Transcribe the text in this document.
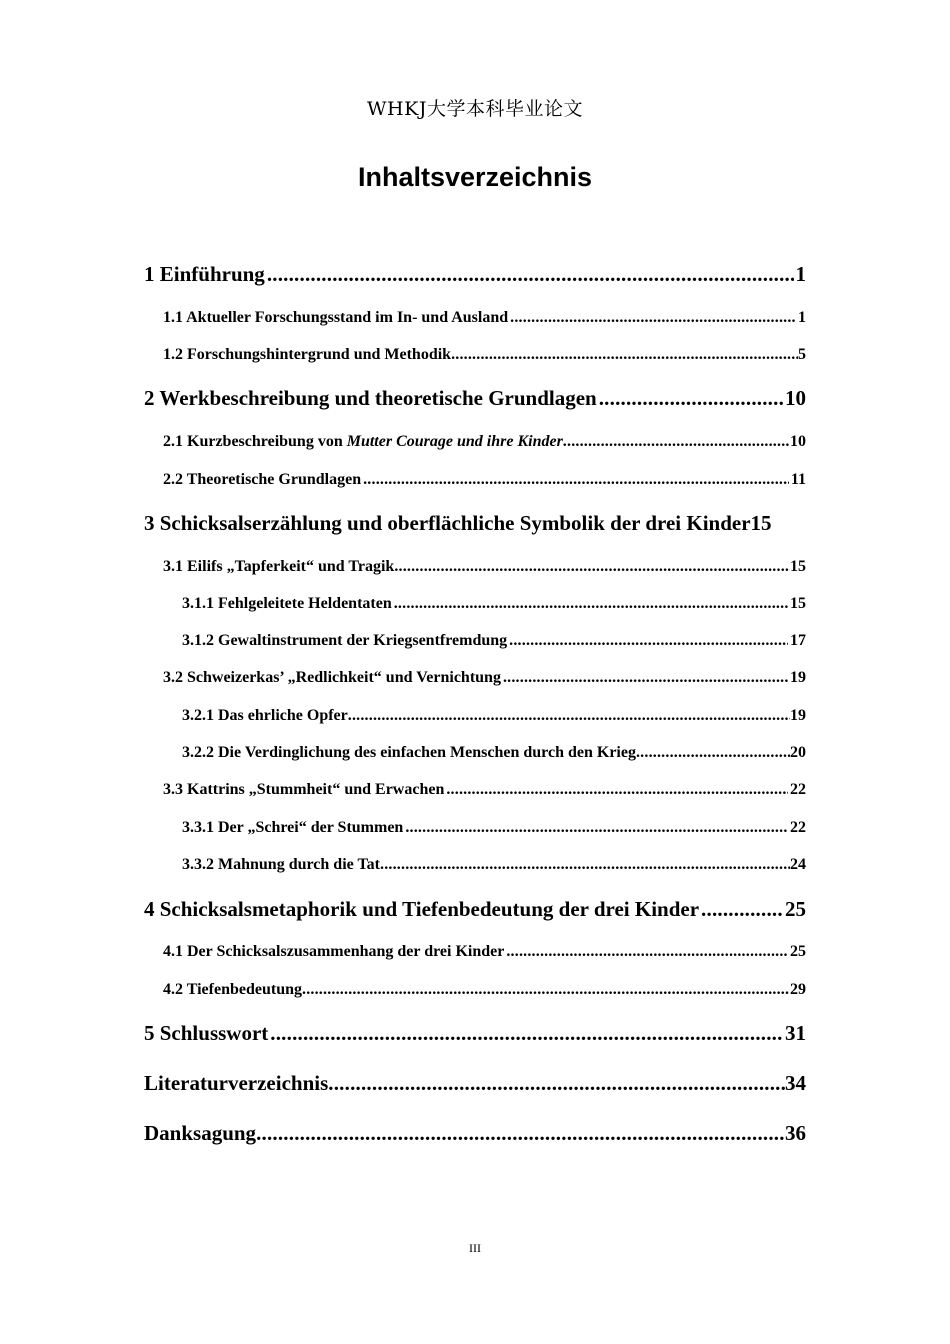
WHKJ大学本科毕业论文
Inhaltsverzeichnis
1 Einführung .....	1
1.1 Aktueller Forschungsstand im In- und Ausland .....	1
1.2 Forschungshintergrund und Methodik .....	5
2 Werkbeschreibung und theoretische Grundlagen .....	10
2.1 Kurzbeschreibung von Mutter Courage und ihre Kinder .....	10
2.2 Theoretische Grundlagen .....	11
3 Schicksalserzählung und oberflächliche Symbolik der drei Kinder 15
3.1 Eilifs „Tapferkeit“ und Tragik .....	15
3.1.1 Fehlgeleitete Heldentaten .....	15
3.1.2 Gewaltinstrument der Kriegsentfremdung .....	17
3.2 Schweizerkas’ „Redlichkeit“ und Vernichtung .....	19
3.2.1 Das ehrliche Opfer .....	19
3.2.2 Die Verdinglichung des einfachen Menschen durch den Krieg .....	20
3.3 Kattrins „Stummheit“ und Erwachen .....	22
3.3.1 Der „Schrei“ der Stummen .....	22
3.3.2 Mahnung durch die Tat .....	24
4 Schicksalsmetaphorik und Tiefenbedeutung der drei Kinder .....	25
4.1 Der Schicksalszusammenhang der drei Kinder .....	25
4.2 Tiefenbedeutung .....	29
5 Schlusswort .....	31
Literaturverzeichnis .....	34
Danksagung .....	36
III
